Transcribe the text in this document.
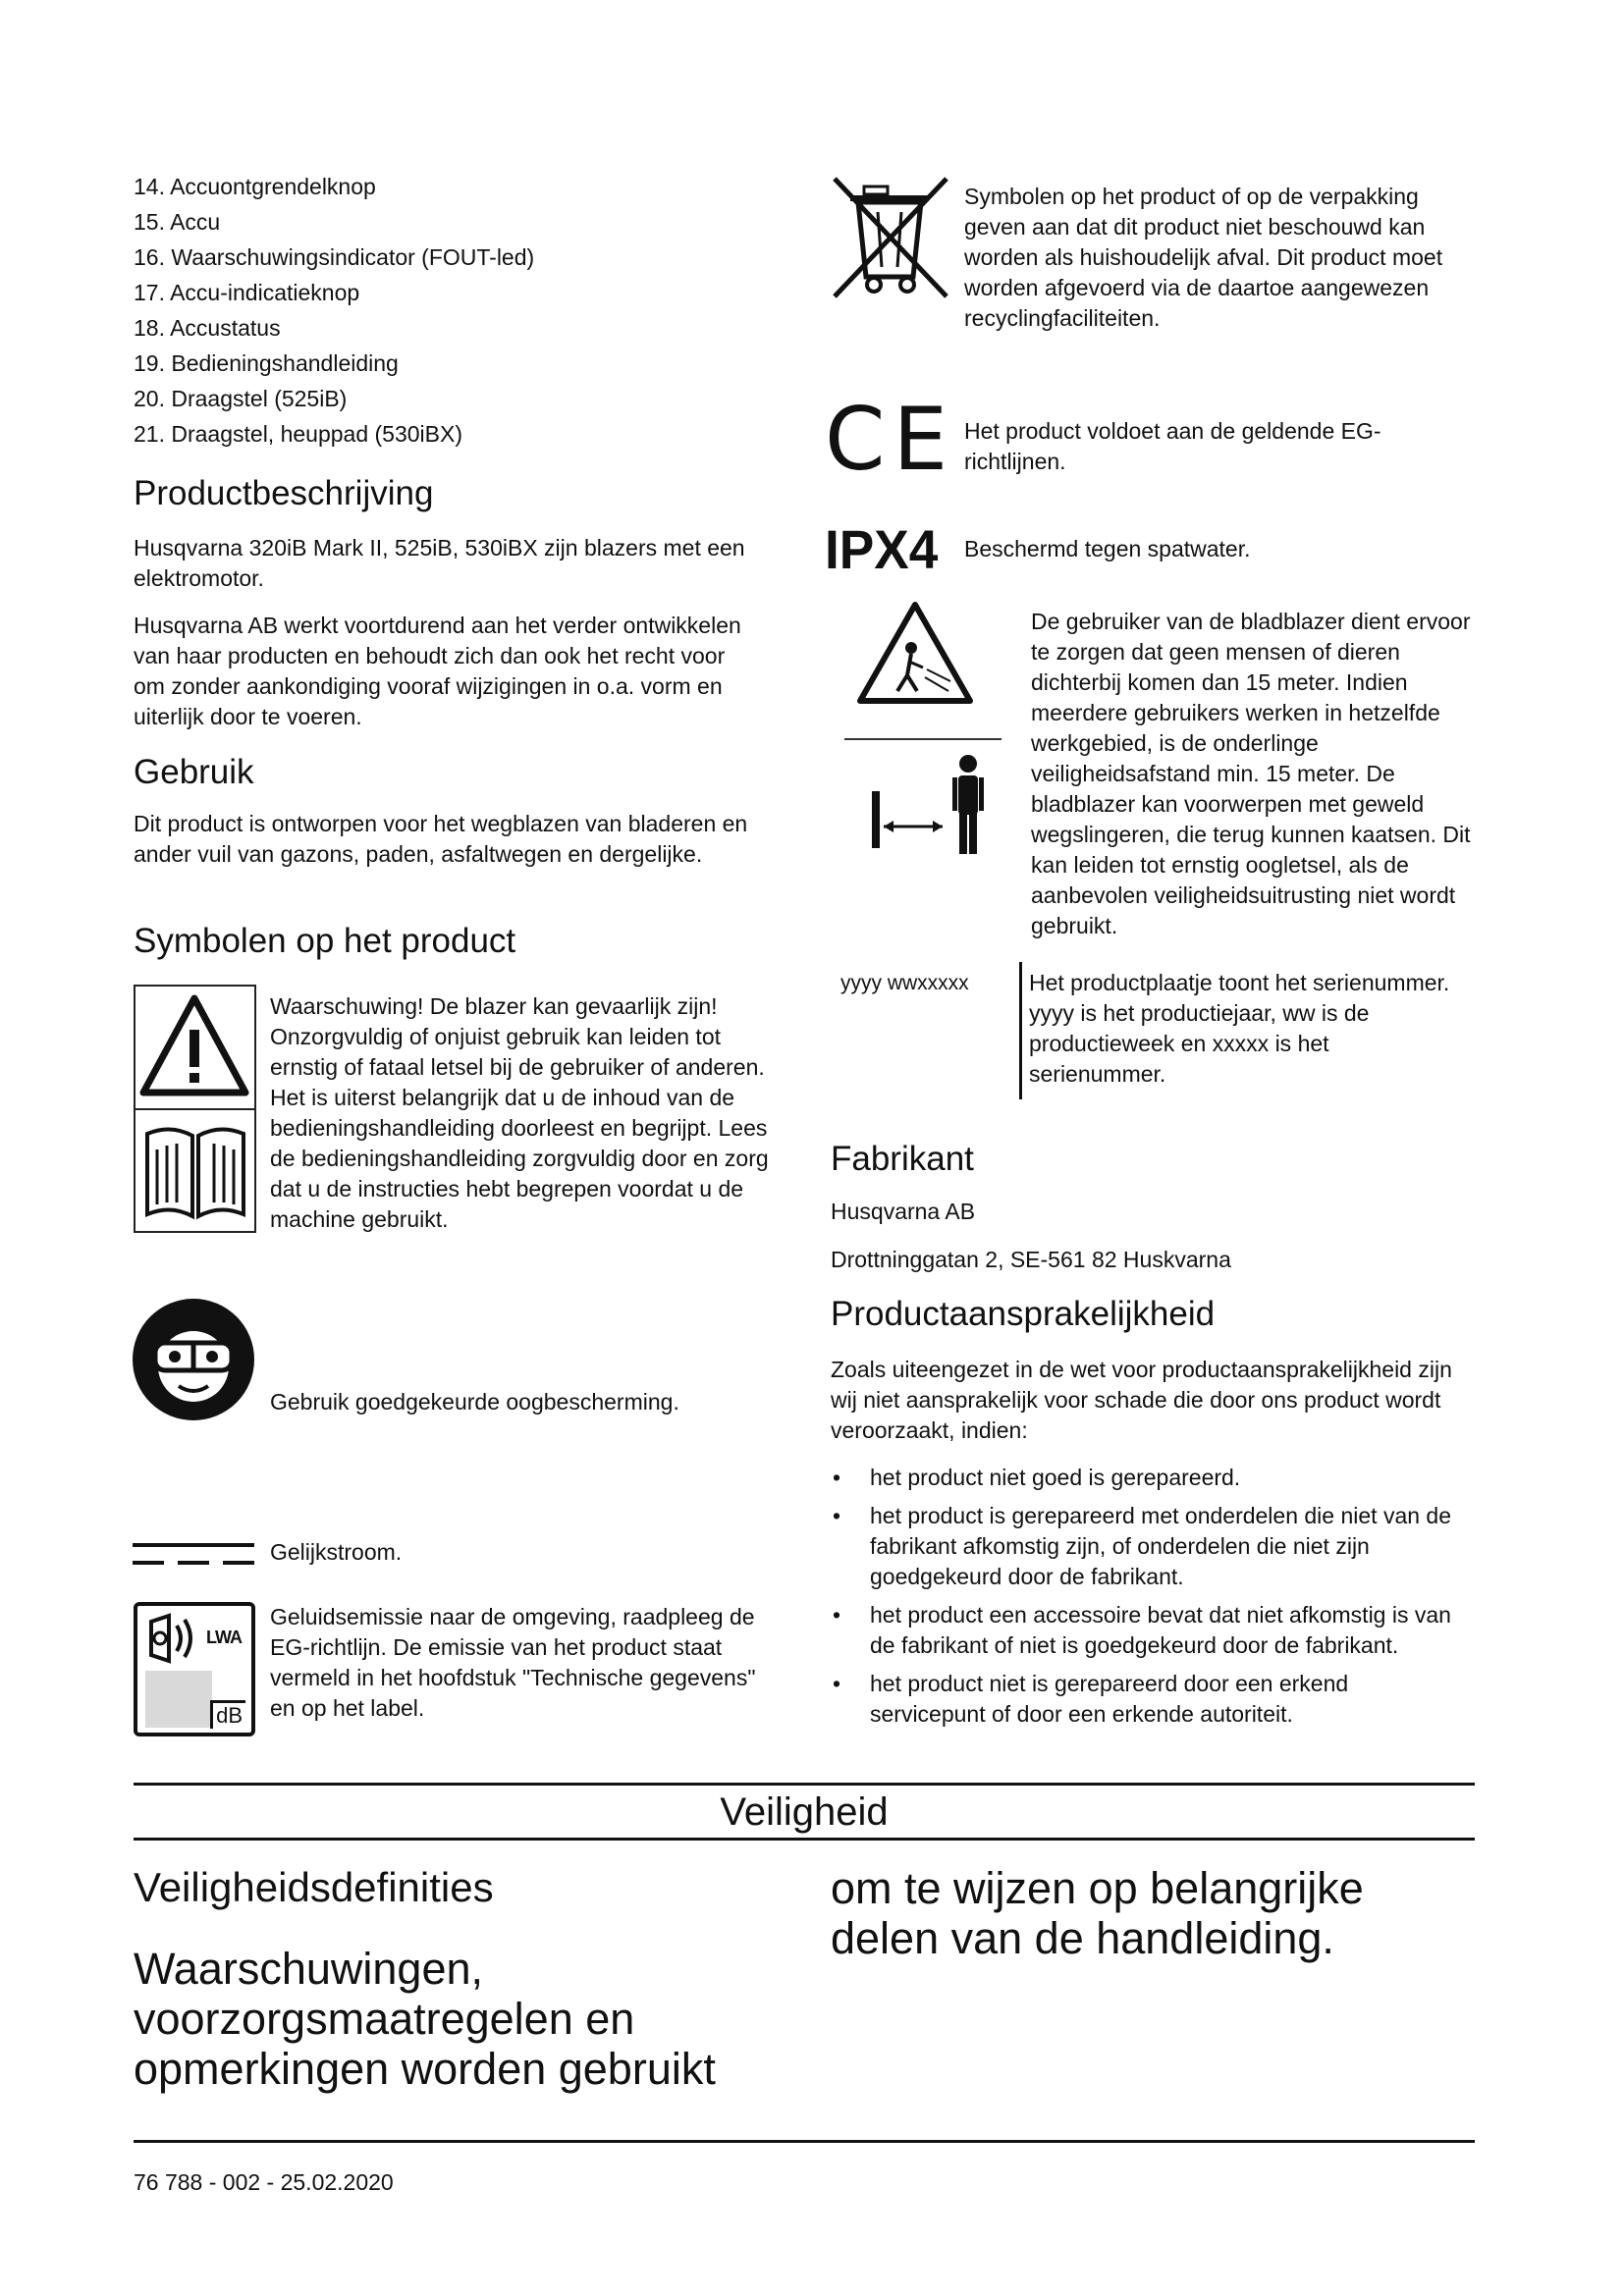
14. Accuontgrendelknop
15. Accu
16. Waarschuwingsindicator (FOUT-led)
17. Accu-indicatieknop
18. Accustatus
19. Bedieningshandleiding
20. Draagstel (525iB)
21. Draagstel, heuppad (530iBX)
Productbeschrijving

Husqvarna 320iB Mark II, 525iB, 530iBX zijn blazers met een elektromotor.

Husqvarna AB werkt voortdurend aan het verder ontwikkelen van haar producten en behoudt zich dan ook het recht voor om zonder aankondiging vooraf wijzigingen in o.a. vorm en uiterlijk door te voeren.

Gebruik

Dit product is ontworpen voor het wegblazen van bladeren en ander vuil van gazons, paden, asfaltwegen en dergelijke.

Symbolen op het product

Waarschuwing! De blazer kan gevaarlijk zijn! Onzorgvuldig of onjuist gebruik kan leiden tot ernstig of fataal letsel bij de gebruiker of anderen. Het is uiterst belangrijk dat u de inhoud van de bedieningshandleiding doorleest en begrijpt. Lees de bedieningshandleiding zorgvuldig door en zorg dat u de instructies hebt begrepen voordat u de machine gebruikt.

Gebruik goedgekeurde oogbescherming.

Gelijkstroom.

LWA
dB

Geluidsemissie naar de omgeving, raadpleeg de EG-richtlijn. De emissie van het product staat vermeld in het hoofdstuk "Technische gegevens" en op het label.

Symbolen op het product of op de verpakking geven aan dat dit product niet beschouwd kan worden als huishoudelijk afval. Dit product moet worden afgevoerd via de daartoe aangewezen recyclingfaciliteiten.

CE Het product voldoet aan de geldende EG-richtlijnen.

IPX4 Beschermd tegen spatwater.

De gebruiker van de bladblazer dient ervoor te zorgen dat geen mensen of dieren dichterbij komen dan 15 meter. Indien meerdere gebruikers werken in hetzelfde werkgebied, is de onderlinge veiligheidsafstand min. 15 meter. De bladblazer kan voorwerpen met geweld wegslingeren, die terug kunnen kaatsen. Dit kan leiden tot ernstig oogletsel, als de aanbevolen veiligheidsuitrusting niet wordt gebruikt.

yyyy wwxxxxx	Het productplaatje toont het serienummer. yyyy is het productiejaar, ww is de productieweek en xxxxx is het serienummer.

Fabrikant

Husqvarna AB

Drottninggatan 2, SE-561 82 Huskvarna

Productaansprakelijkheid

Zoals uiteengezet in de wet voor productaansprakelijkheid zijn wij niet aansprakelijk voor schade die door ons product wordt veroorzaakt, indien:

• het product niet goed is gerepareerd.

• het product is gerepareerd met onderdelen die niet van de fabrikant afkomstig zijn, of onderdelen die niet zijn goedgekeurd door de fabrikant.

• het product een accessoire bevat dat niet afkomstig is van de fabrikant of niet is goedgekeurd door de fabrikant.

• het product niet is gerepareerd door een erkend servicepunt of door een erkende autoriteit.

Veiligheid
Veiligheidsdefinities

Waarschuwingen, voorzorgsmaatregelen en opmerkingen worden gebruikt

om te wijzen op belangrijke delen van de handleiding.

76 788 - 002 - 25.02.2020
